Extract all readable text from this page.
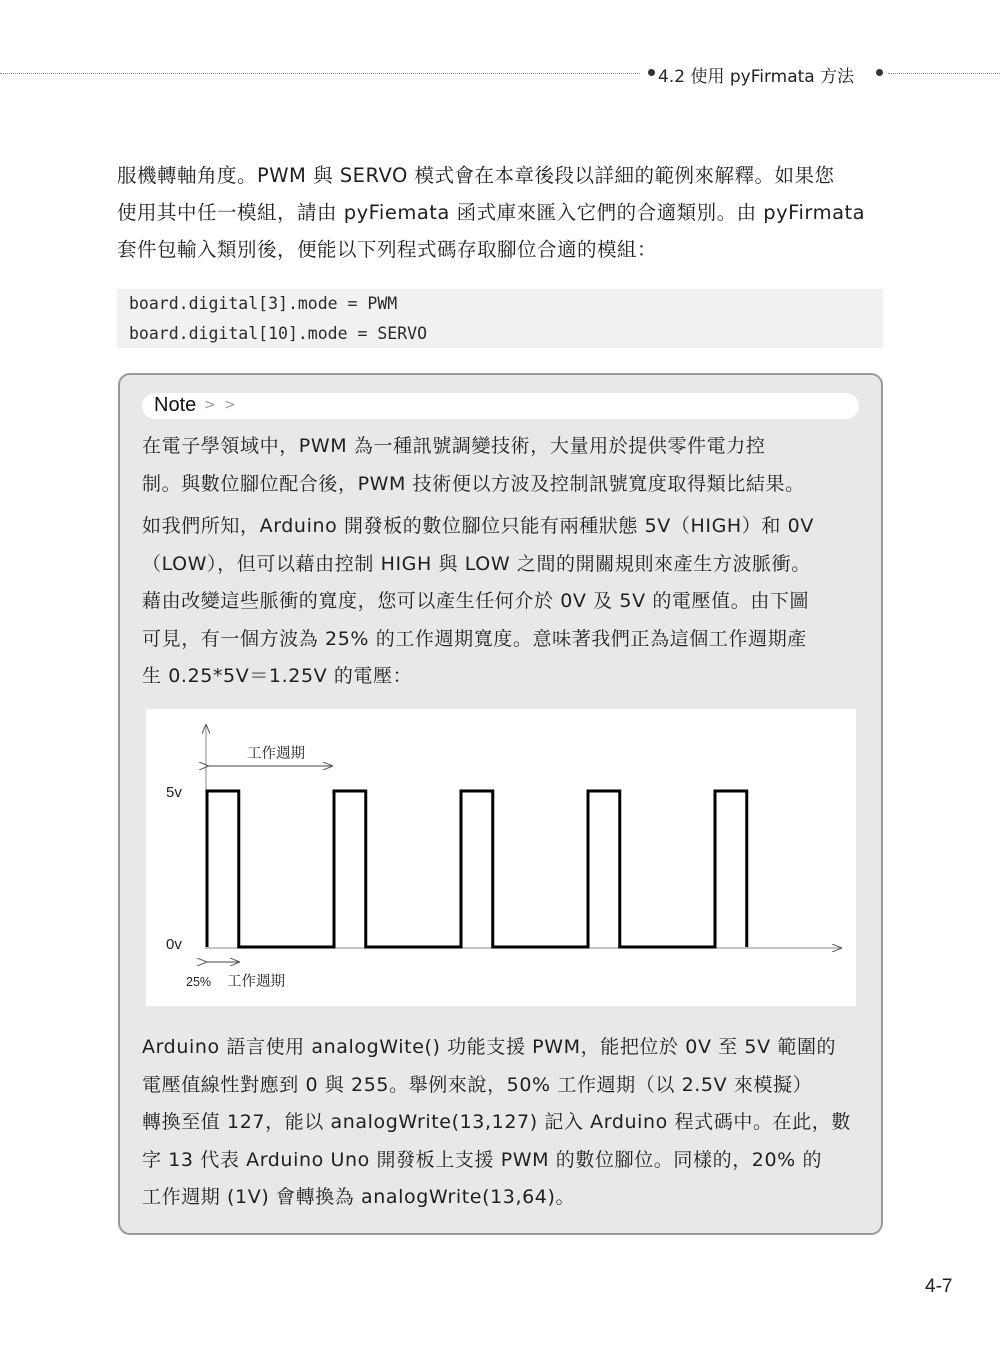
4.2 使用 pyFirmata 方法

服機轉軸角度。PWM 與 SERVO 模式會在本章後段以詳細的範例來解釋。如果您

使用其中任一模組，請由 pyFiemata 函式庫來匯入它們的合適類別。由 pyFirmata

套件包輸入類別後，便能以下列程式碼存取腳位合適的模組：

board.digital[3].mode = PWM
board.digital[10].mode = SERVO
Note > >

在電子學領域中，PWM 為一種訊號調變技術，大量用於提供零件電力控

制。與數位腳位配合後，PWM 技術便以方波及控制訊號寬度取得類比結果。

如我們所知，Arduino 開發板的數位腳位只能有兩種狀態 5V（HIGH）和 0V

（LOW），但可以藉由控制 HIGH 與 LOW 之間的開關規則來產生方波脈衝。

藉由改變這些脈衝的寬度，您可以產生任何介於 0V 及 5V 的電壓值。由下圖

可見，有一個方波為 25% 的工作週期寬度。意味著我們正為這個工作週期產

生 0.25*5V＝1.25V 的電壓：

5v
0v
工作週期
25% 工作週期

Arduino 語言使用 analogWite() 功能支援 PWM，能把位於 0V 至 5V 範圍的

電壓值線性對應到 0 與 255。舉例來說，50% 工作週期（以 2.5V 來模擬）

轉換至值 127，能以 analogWrite(13,127) 記入 Arduino 程式碼中。在此，數

字 13 代表 Arduino Uno 開發板上支援 PWM 的數位腳位。同樣的，20% 的

工作週期 (1V) 會轉換為 analogWrite(13,64)。

4-7
